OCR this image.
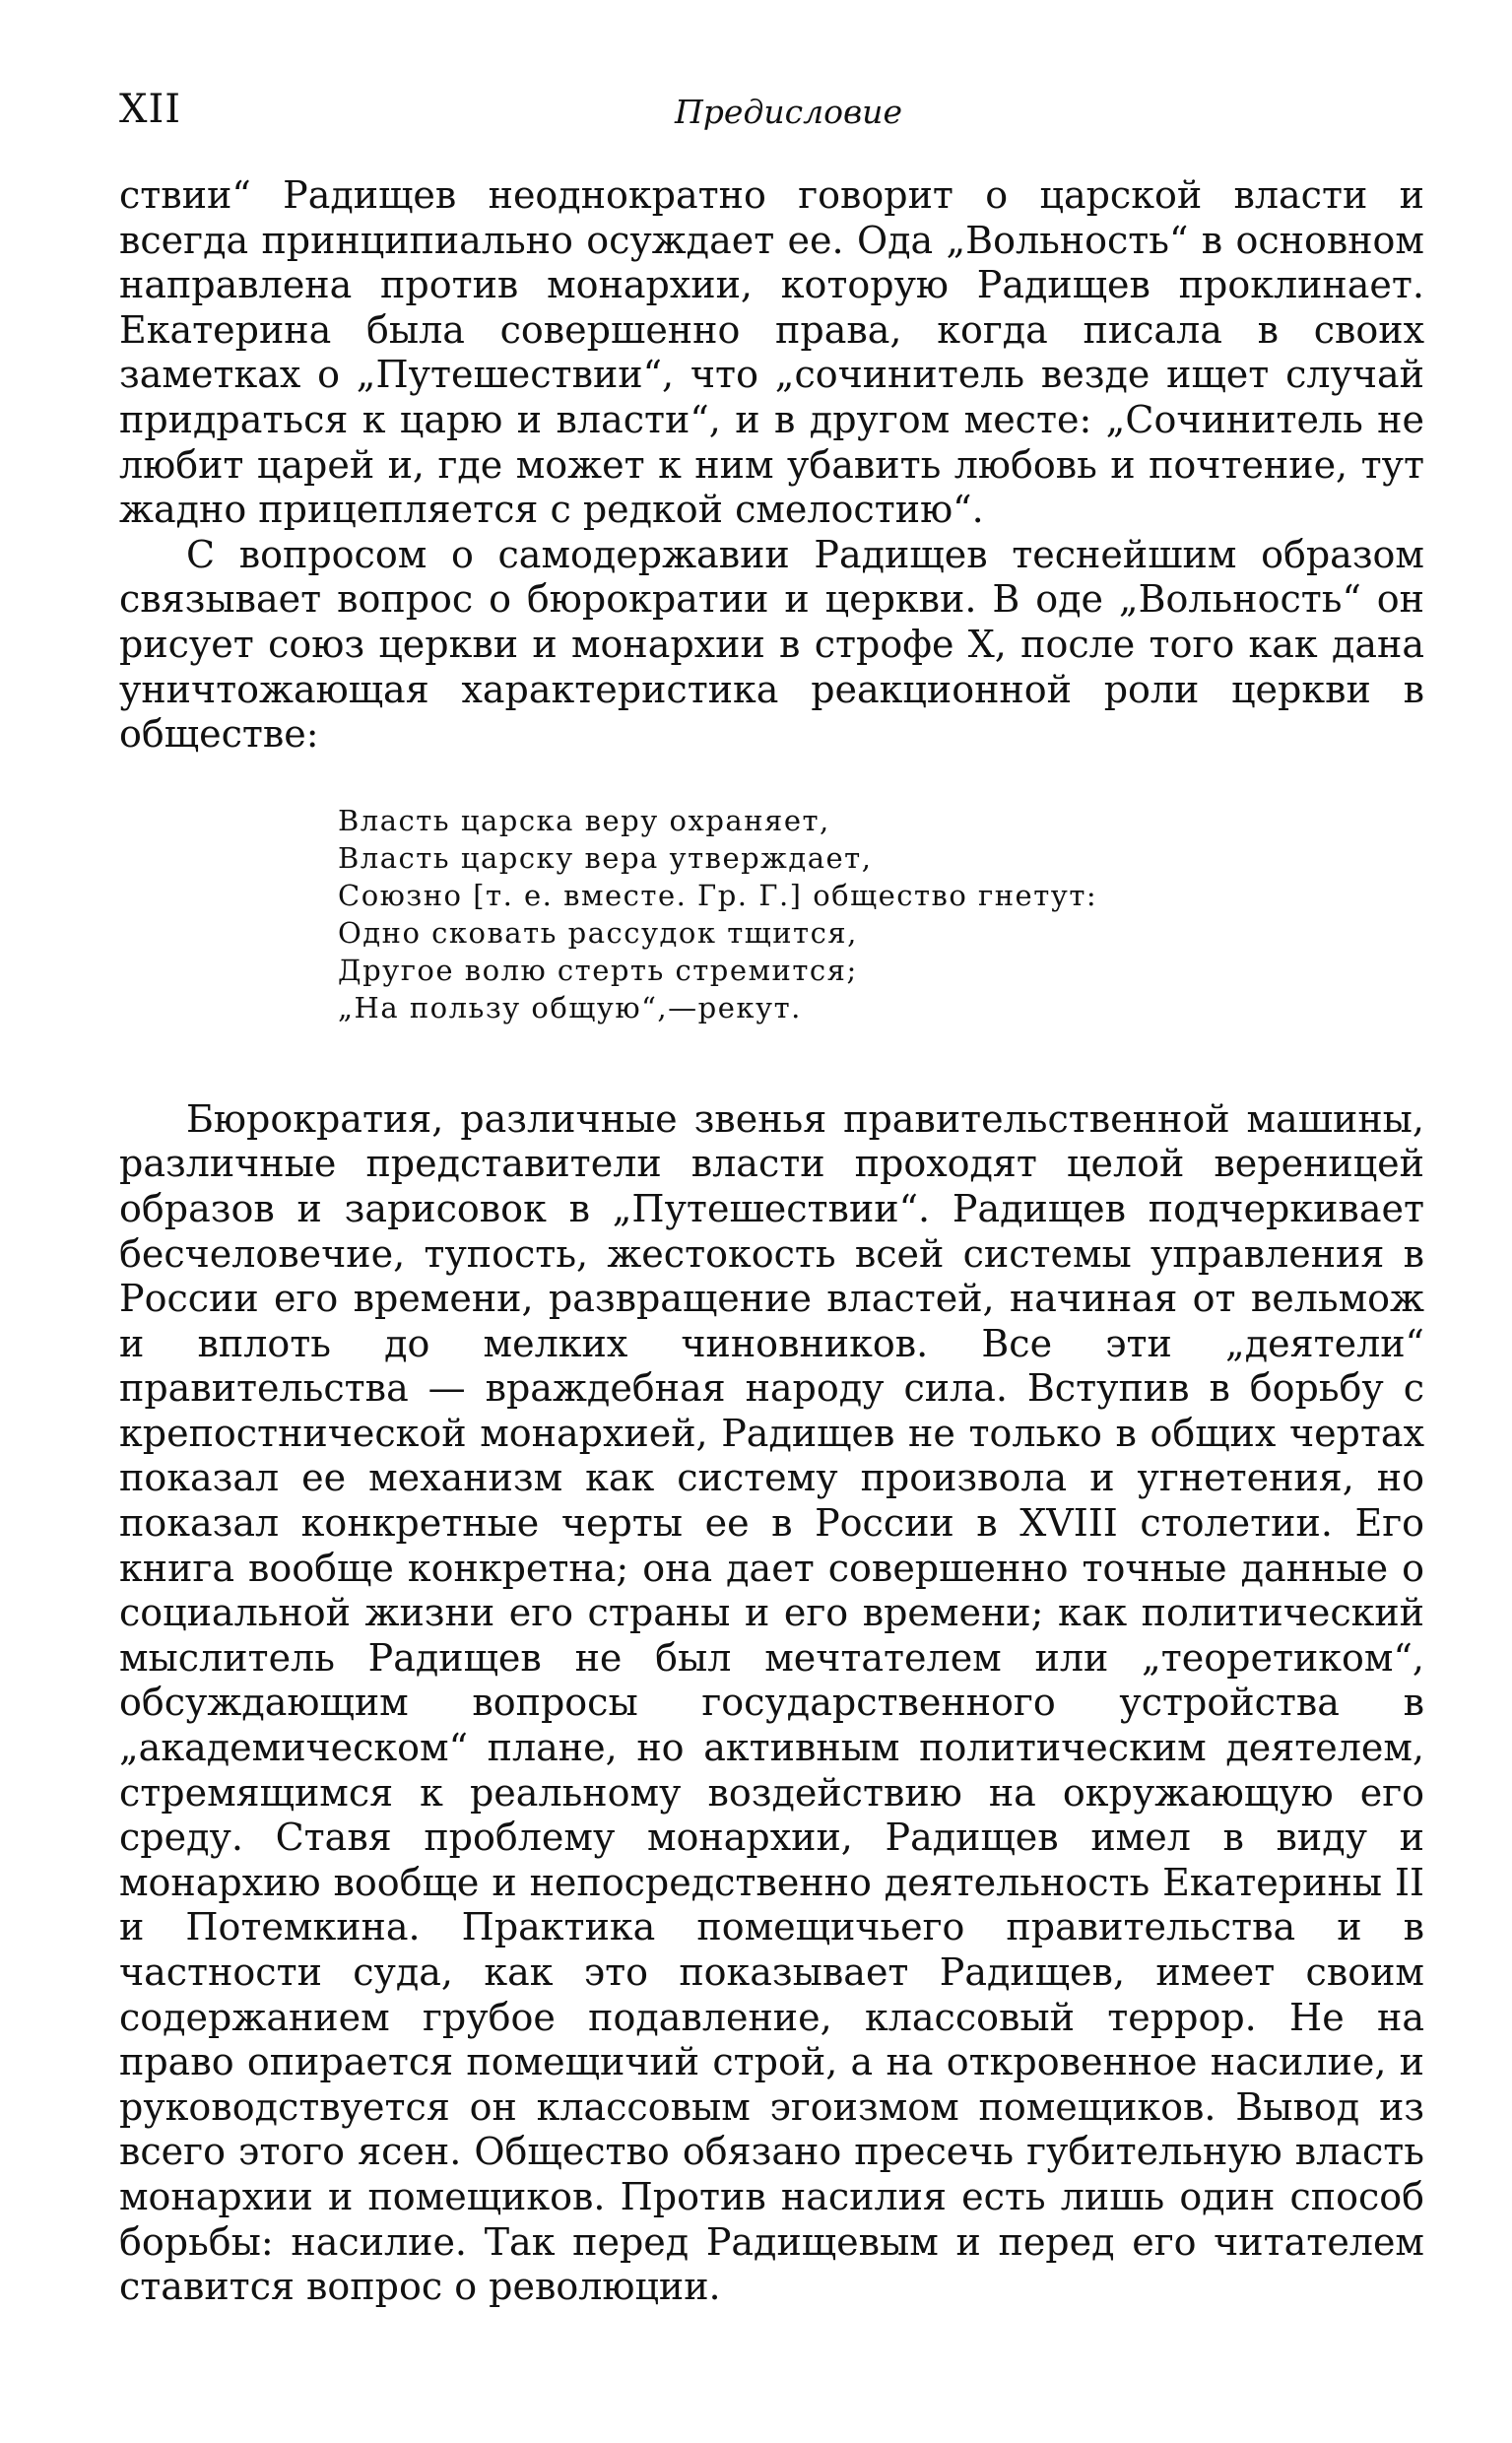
XII	Предисловие

ствии“ Радищев неоднократно говорит о царской власти и всегда принципиально осуждает ее. Ода „Вольность“ в основном направлена против монархии, которую Радищев проклинает. Екатерина была совершенно права, когда писала в своих заметках о „Путешествии“, что „сочинитель везде ищет случай придраться к царю и власти“, и в другом месте: „Сочинитель не любит царей и, где может к ним убавить любовь и почтение, тут жадно прицепляется с редкой смелостию“.

С вопросом о самодержавии Радищев теснейшим образом связывает вопрос о бюрократии и церкви. В оде „Вольность“ он рисует союз церкви и монархии в строфе X, после того как дана уничтожающая характеристика реакционной роли церкви в обществе:

Власть царска веру охраняет,
Власть царску вера утверждает,
Союзно [т. е. вместе. Гр. Г.] общество гнетут:
Одно сковать рассудок тщится,
Другое волю стерть стремится;
„На пользу общую“,—рекут.

Бюрократия, различные звенья правительственной машины, различные представители власти проходят целой вереницей образов и зарисовок в „Путешествии“. Радищев подчеркивает бесчеловечие, тупость, жестокость всей системы управления в России его времени, развращение властей, начиная от вельмож и вплоть до мелких чиновников. Все эти „деятели“ правительства — враждебная народу сила. Вступив в борьбу с крепостнической монархией, Радищев не только в общих чертах показал ее механизм как систему произвола и угнетения, но показал конкретные черты ее в России в XVIII столетии. Его книга вообще конкретна; она дает совершенно точные данные о социальной жизни его страны и его времени; как политический мыслитель Радищев не был мечтателем или „теоретиком“, обсуждающим вопросы государственного устройства в „академическом“ плане, но активным политическим деятелем, стремящимся к реальному воздействию на окружающую его среду. Ставя проблему монархии, Радищев имел в виду и монархию вообще и непосредственно деятельность Екатерины II и Потемкина. Практика помещичьего правительства и в частности суда, как это показывает Радищев, имеет своим содержанием грубое подавление, классовый террор. Не на право опирается помещичий строй, а на откровенное насилие, и руководствуется он классовым эгоизмом помещиков. Вывод из всего этого ясен. Общество обязано пресечь губительную власть монархии и помещиков. Против насилия есть лишь один способ борьбы: насилие. Так перед Радищевым и перед его читателем ставится вопрос о революции.
